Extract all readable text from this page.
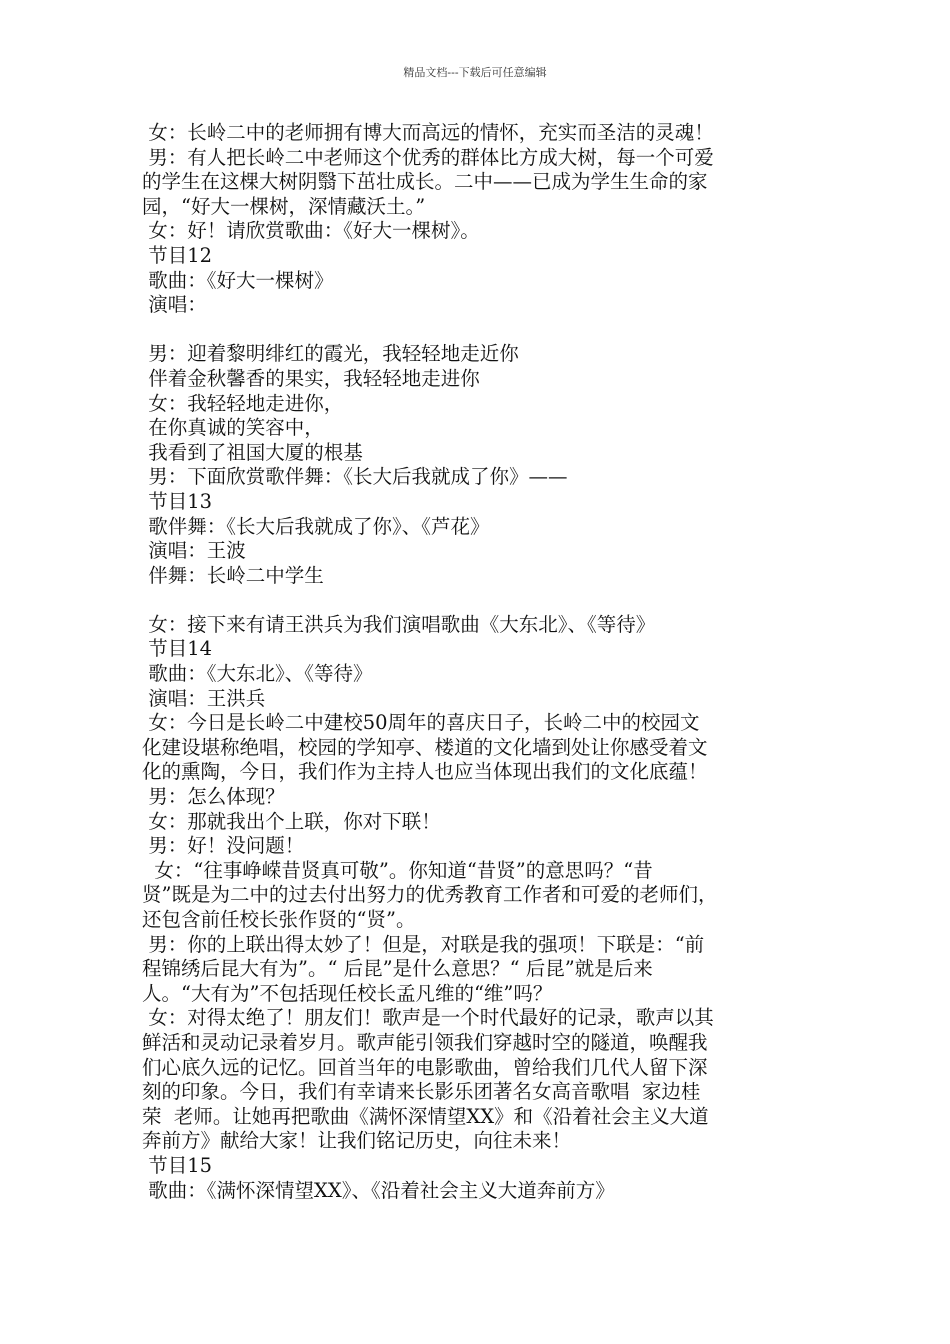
精品文档---下载后可任意编辑
女：长岭二中的老师拥有博大而高远的情怀，充实而圣洁的灵魂！
男：有人把长岭二中老师这个优秀的群体比方成大树，每一个可爱
的学生在这棵大树阴翳下茁壮成长。二中——已成为学生生命的家
园，“好大一棵树，深情藏沃土。”
女：好！请欣赏歌曲：《好大一棵树》。
节目12
歌曲：《好大一棵树》
演唱：
男：迎着黎明绯红的霞光，我轻轻地走近你
伴着金秋馨香的果实，我轻轻地走进你
女：我轻轻地走进你，
在你真诚的笑容中，
我看到了祖国大厦的根基
男：下面欣赏歌伴舞：《长大后我就成了你》——
节目13
歌伴舞：《长大后我就成了你》、《芦花》
演唱：王波
伴舞：长岭二中学生
女：接下来有请王洪兵为我们演唱歌曲《大东北》、《等待》
节目14
歌曲：《大东北》、《等待》
演唱：王洪兵
女：今日是长岭二中建校50周年的喜庆日子，长岭二中的校园文
化建设堪称绝唱，校园的学知亭、楼道的文化墙到处让你感受着文
化的熏陶，今日，我们作为主持人也应当体现出我们的文化底蕴！
男：怎么体现？
女：那就我出个上联，你对下联！
男：好！没问题！
女：“往事峥嵘昔贤真可敬”。你知道“昔贤”的意思吗？“昔
贤”既是为二中的过去付出努力的优秀教育工作者和可爱的老师们，
还包含前任校长张作贤的“贤”。
男：你的上联出得太妙了！但是，对联是我的强项！下联是：“前
程锦绣后昆大有为”。“ 后昆”是什么意思？“ 后昆”就是后来
人。“大有为”不包括现任校长孟凡维的“维”吗？
女：对得太绝了！朋友们！歌声是一个时代最好的记录，歌声以其
鲜活和灵动记录着岁月。歌声能引领我们穿越时空的隧道，唤醒我
们心底久远的记忆。回首当年的电影歌曲，曾给我们几代人留下深
刻的印象。今日，我们有幸请来长影乐团著名女高音歌唱  家边桂
荣  老师。让她再把歌曲《满怀深情望XX》和《沿着社会主义大道
奔前方》献给大家！让我们铭记历史，向往未来！
节目15
歌曲：《满怀深情望XX》、《沿着社会主义大道奔前方》
